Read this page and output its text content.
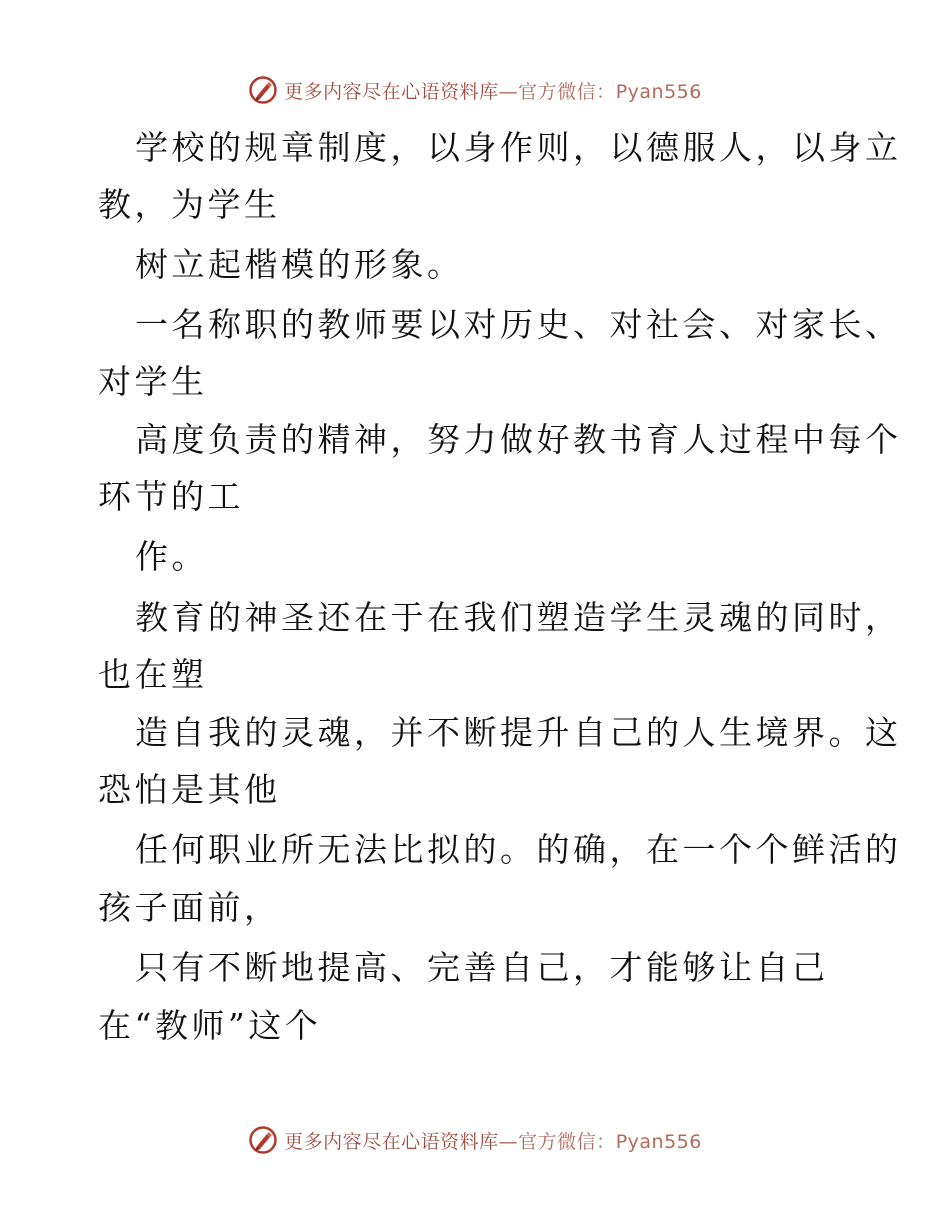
更多内容尽在心语资料库—官方微信：Pyan556
学校的规章制度，以身作则，以德服人，以身立
教，为学生
树立起楷模的形象。
一名称职的教师要以对历史、对社会、对家长、
对学生
高度负责的精神，努力做好教书育人过程中每个
环节的工
作。
教育的神圣还在于在我们塑造学生灵魂的同时，
也在塑
造自我的灵魂，并不断提升自己的人生境界。这
恐怕是其他
任何职业所无法比拟的。的确，在一个个鲜活的
孩子面前，
只有不断地提高、完善自己，才能够让自己
在“教师”这个
更多内容尽在心语资料库—官方微信：Pyan556
